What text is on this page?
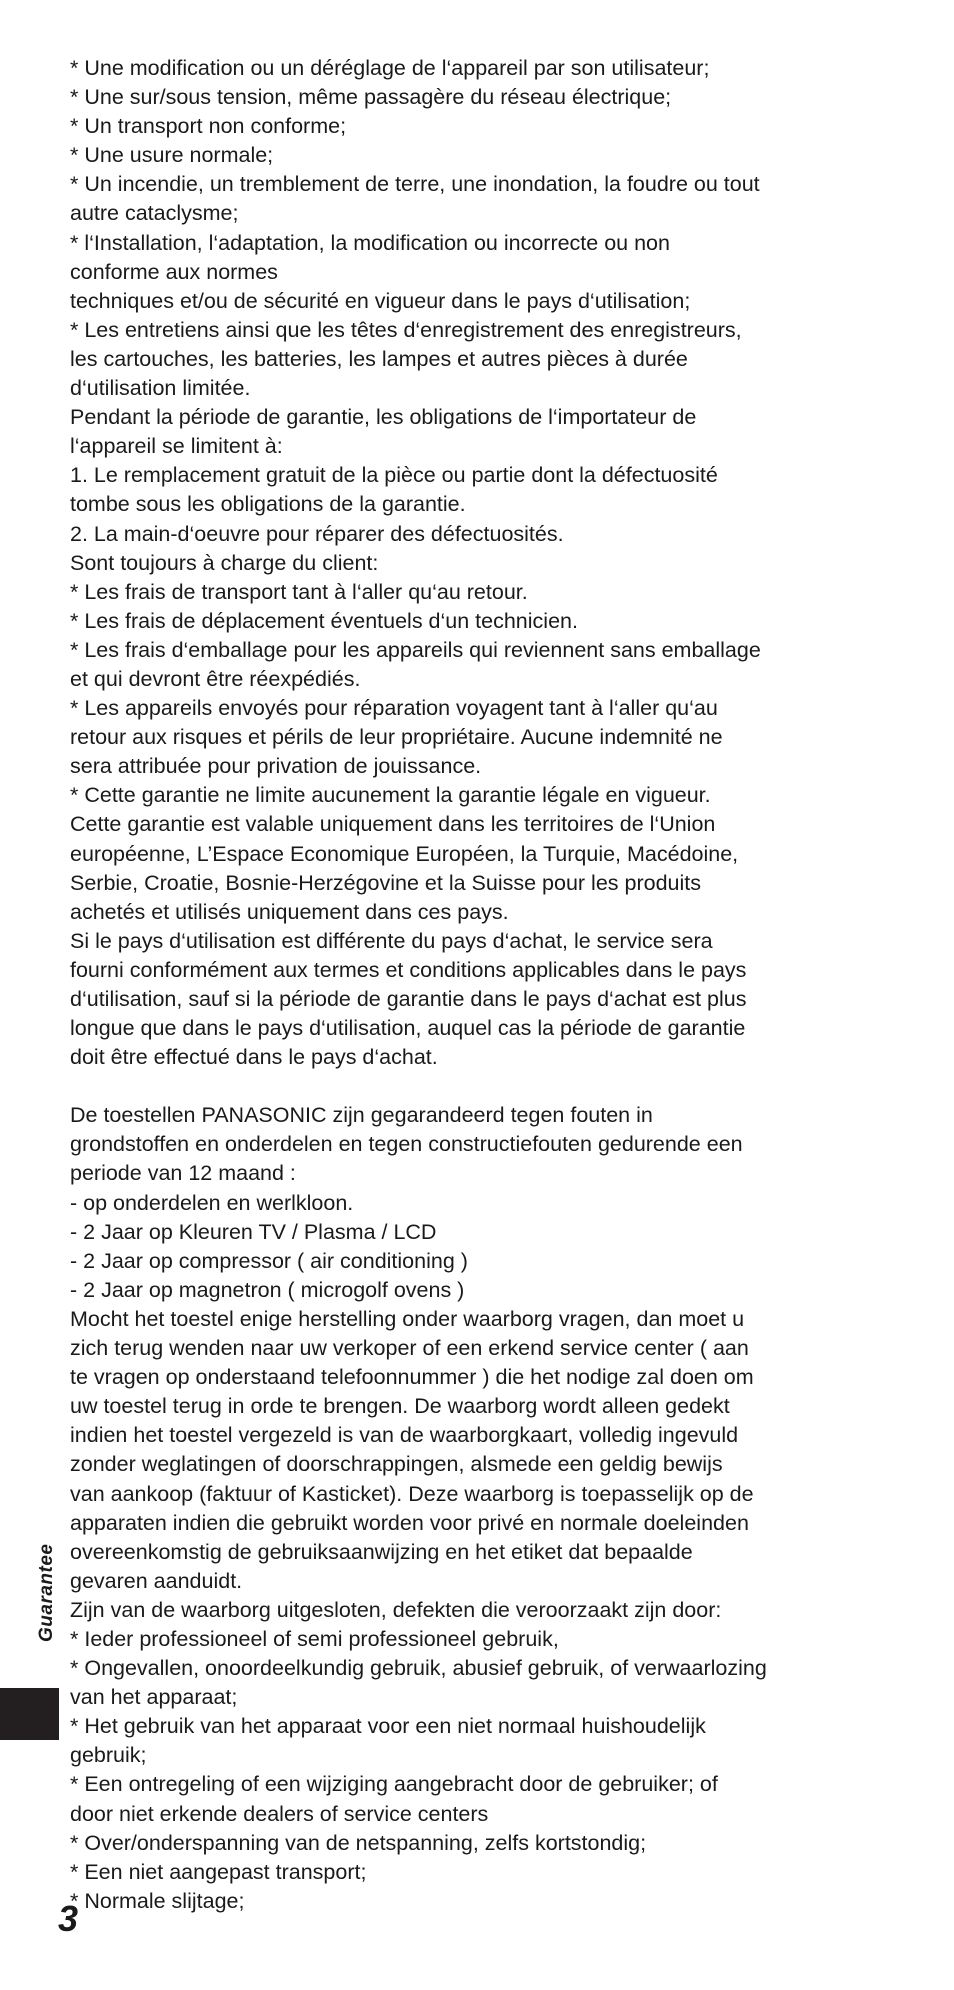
* Une modification ou un déréglage de l‘appareil par son utilisateur;
* Une sur/sous tension, même passagère du réseau électrique;
* Un transport non conforme;
* Une usure normale;
* Un incendie, un tremblement de terre, une inondation, la foudre ou tout
autre cataclysme;
* l‘Installation, l‘adaptation, la modification ou incorrecte ou non
conforme aux normes
techniques et/ou de sécurité en vigueur dans le pays d‘utilisation;
* Les entretiens ainsi que les têtes d‘enregistrement des enregistreurs,
les cartouches, les batteries, les lampes et autres pièces à durée
d‘utilisation limitée.
Pendant la période de garantie, les obligations de l‘importateur de
l‘appareil se limitent à:
1. Le remplacement gratuit de la pièce ou partie dont la défectuosité
tombe sous les obligations de la garantie.
2. La main-d‘oeuvre pour réparer des défectuosités.
Sont toujours à charge du client:
* Les frais de transport tant à l‘aller qu‘au retour.
* Les frais de déplacement éventuels d‘un technicien.
* Les frais d‘emballage pour les appareils qui reviennent sans emballage
et qui devront être réexpédiés.
* Les appareils envoyés pour réparation voyagent tant à l‘aller qu‘au
retour aux risques et périls de leur propriétaire. Aucune indemnité ne
sera attribuée pour privation de jouissance.
* Cette garantie ne limite aucunement la garantie légale en vigueur.
Cette garantie est valable uniquement dans les territoires de l‘Union
européenne, L’Espace Economique Européen, la Turquie, Macédoine,
Serbie, Croatie, Bosnie-Herzégovine et la Suisse pour les produits
achetés et utilisés uniquement dans ces pays.
Si le pays d‘utilisation est différente du pays d‘achat, le service sera
fourni conformément aux termes et conditions applicables dans le pays
d‘utilisation, sauf si la période de garantie dans le pays d‘achat est plus
longue que dans le pays d‘utilisation, auquel cas la période de garantie
doit être effectué dans le pays d‘achat.
De toestellen PANASONIC zijn gegarandeerd tegen fouten in
grondstoffen en onderdelen en tegen constructiefouten gedurende een
periode van 12 maand :
- op onderdelen en werlkloon.
- 2 Jaar op Kleuren TV / Plasma / LCD
- 2 Jaar op compressor ( air conditioning )
- 2 Jaar op magnetron ( microgolf ovens )
Mocht het toestel enige herstelling onder waarborg vragen, dan moet u
zich terug wenden naar uw verkoper of een erkend service center ( aan
te vragen op onderstaand telefoonnummer ) die het nodige zal doen om
uw toestel terug in orde te brengen. De waarborg wordt alleen gedekt
indien het toestel vergezeld is van de waarborgkaart, volledig ingevuld
zonder weglatingen of doorschrappingen, alsmede een geldig bewijs
van aankoop (faktuur of Kasticket). Deze waarborg is toepasselijk op de
apparaten indien die gebruikt worden voor privé en normale doeleinden
overeenkomstig de gebruiksaanwijzing en het etiket dat bepaalde
gevaren aanduidt.
Zijn van de waarborg uitgesloten, defekten die veroorzaakt zijn door:
* Ieder professioneel of semi professioneel gebruik,
* Ongevallen, onoordeelkundig gebruik, abusief gebruik, of verwaarlozing
van het apparaat;
* Het gebruik van het apparaat voor een niet normaal huishoudelijk
gebruik;
* Een ontregeling of een wijziging aangebracht door de gebruiker; of
door niet erkende dealers of service centers
* Over/onderspanning van de netspanning, zelfs kortstondig;
* Een niet aangepast transport;
* Normale slijtage;
Guarantee
3
